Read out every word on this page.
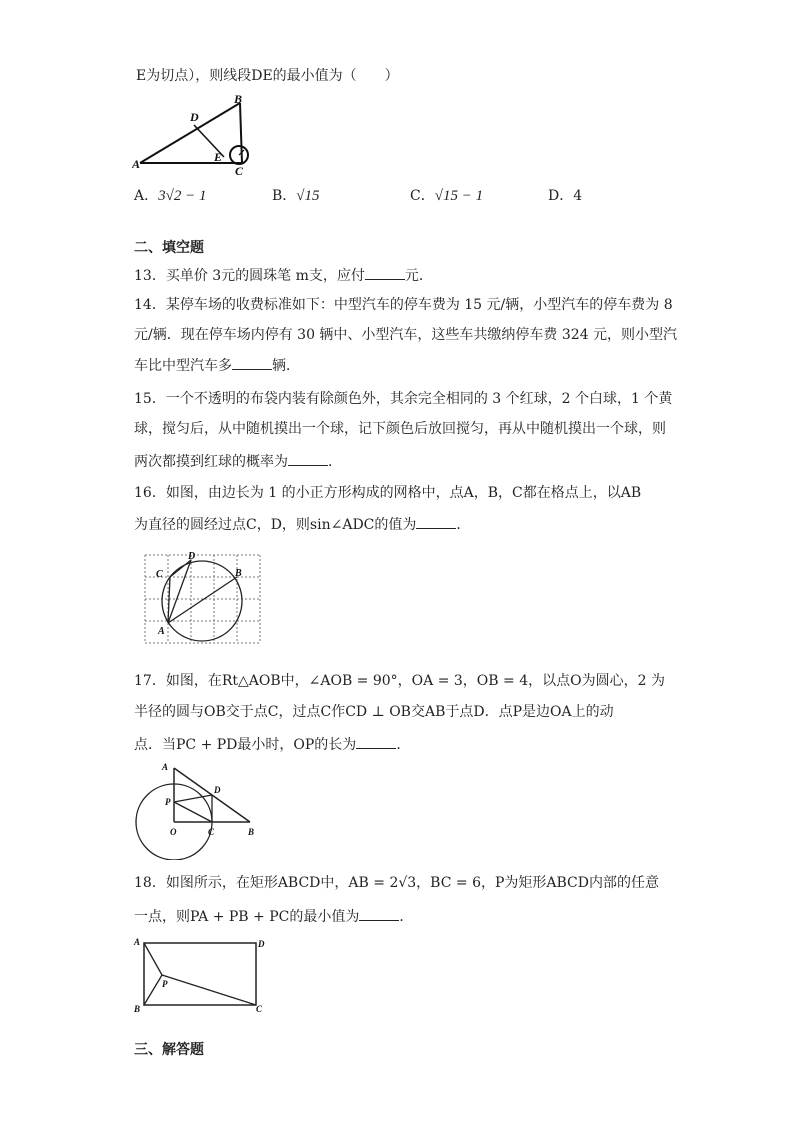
E为切点），则线段DE的最小值为（　　）
A
B
C
D
E
A．3√2 − 1	B．√15	C．√15 − 1	D．4
二、填空题
13．买单价 3元的圆珠笔 m支，应付	元．
14．某停车场的收费标准如下：中型汽车的停车费为 15 元/辆，小型汽车的停车费为 8
元/辆．现在停车场内停有 30 辆中、小型汽车，这些车共缴纳停车费 324 元，则小型汽
车比中型汽车多	辆．
15．一个不透明的布袋内装有除颜色外，其余完全相同的 3 个红球，2 个白球，1 个黄
球，搅匀后，从中随机摸出一个球，记下颜色后放回搅匀，再从中随机摸出一个球，则
两次都摸到红球的概率为	．
16．如图，由边长为 1 的小正方形构成的网格中，点A，B，C都在格点上，以AB
为直径的圆经过点C，D，则sin∠ADC的值为	．
A
B
C
D
17．如图，在Rt△AOB中，∠AOB = 90°，OA = 3，OB = 4，以点O为圆心，2 为
半径的圆与OB交于点C，过点C作CD ⊥ OB交AB于点D．点P是边OA上的动
点．当PC + PD最小时，OP的长为	．
A
B
C
D
O
P
18．如图所示，在矩形ABCD中，AB = 2√3，BC = 6，P为矩形ABCD内部的任意
一点，则PA + PB + PC的最小值为	．
A
B	C
D
P
三、解答题
